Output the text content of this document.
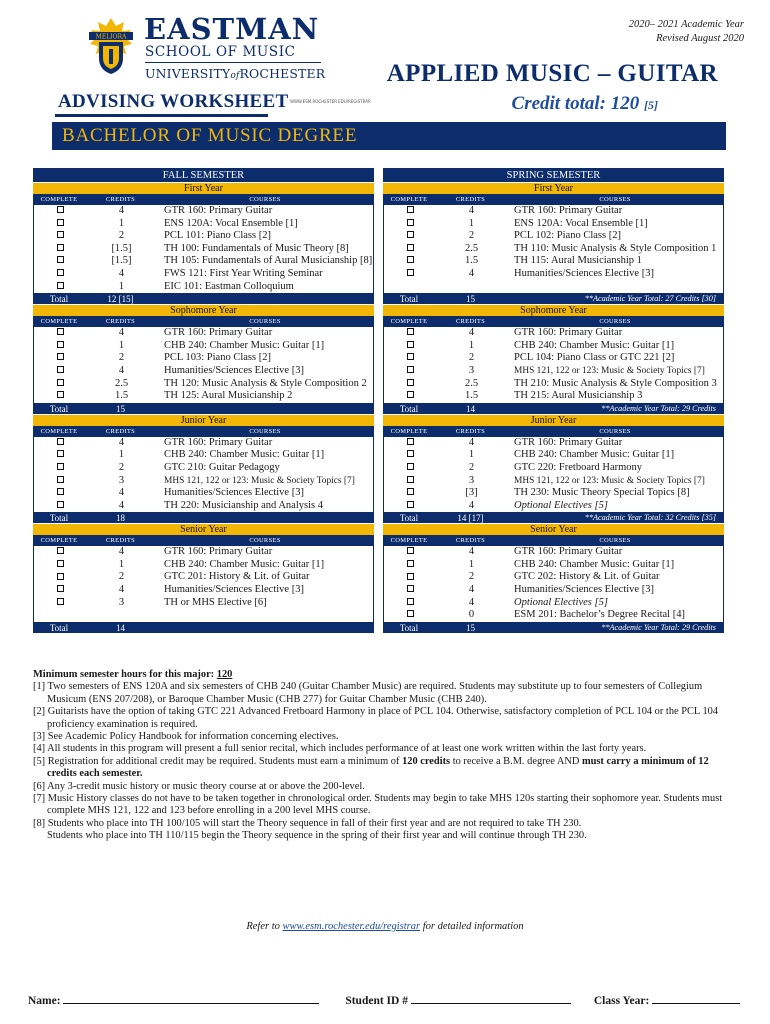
MELIORA EASTMAN
SCHOOL OF MUSIC
UNIVERSITYofROCHESTER
2020– 2021 Academic Year
Revised August 2020
APPLIED MUSIC – GUITAR
Credit total: 120 [5]
ADVISING WORKSHEET WWW.ESM.ROCHESTER.EDU/REGISTRAR
BACHELOR OF MUSIC DEGREE
FALL SEMESTER
First Year
COMPLETE	CREDITS	COURSES
4	GTR 160: Primary Guitar
1	ENS 120A: Vocal Ensemble [1]
2	PCL 101: Piano Class [2]
[1.5]	TH 100: Fundamentals of Music Theory [8]
[1.5]	TH 105: Fundamentals of Aural Musicianship [8]
4	FWS 121: First Year Writing Seminar
1	EIC 101: Eastman Colloquium
Total	12 [15]
Sophomore Year
COMPLETE	CREDITS	COURSES
4	GTR 160: Primary Guitar
1	CHB 240: Chamber Music: Guitar [1]
2	PCL 103: Piano Class [2]
4	Humanities/Sciences Elective [3]
2.5	TH 120: Music Analysis & Style Composition 2
1.5	TH 125: Aural Musicianship 2
Total	15
Junior Year
COMPLETE	CREDITS	COURSES
4	GTR 160: Primary Guitar
1	CHB 240: Chamber Music: Guitar [1]
2	GTC 210: Guitar Pedagogy
3	MHS 121, 122 or 123: Music & Society Topics [7]
4	Humanities/Sciences Elective [3]
4	TH 220: Musicianship and Analysis 4
Total	18
Senior Year
COMPLETE	CREDITS	COURSES
4	GTR 160: Primary Guitar
1	CHB 240: Chamber Music: Guitar [1]
2	GTC 201: History & Lit. of Guitar
4	Humanities/Sciences Elective [3]
3	TH or MHS Elective [6]
Total	14
SPRING SEMESTER
First Year
COMPLETE	CREDITS	COURSES
4	GTR 160: Primary Guitar
1	ENS 120A: Vocal Ensemble [1]
2	PCL 102: Piano Class [2]
2.5	TH 110: Music Analysis & Style Composition 1
1.5	TH 115: Aural Musicianship 1
4	Humanities/Sciences Elective [3]
Total	15	**Academic Year Total: 27 Credits [30]
Sophomore Year
COMPLETE	CREDITS	COURSES
4	GTR 160: Primary Guitar
1	CHB 240: Chamber Music: Guitar [1]
2	PCL 104: Piano Class or GTC 221 [2]
3	MHS 121, 122 or 123: Music & Society Topics [7]
2.5	TH 210: Music Analysis & Style Composition 3
1.5	TH 215: Aural Musicianship 3
Total	14	**Academic Year Total: 29 Credits
Junior Year
COMPLETE	CREDITS	COURSES
4	GTR 160: Primary Guitar
1	CHB 240: Chamber Music: Guitar [1]
2	GTC 220: Fretboard Harmony
3	MHS 121, 122 or 123: Music & Society Topics [7]
[3]	TH 230: Music Theory Special Topics [8]
4	Optional Electives [5]
Total	14 [17]	**Academic Year Total: 32 Credits [35]
Senior Year
COMPLETE	CREDITS	COURSES
4	GTR 160: Primary Guitar
1	CHB 240: Chamber Music: Guitar [1]
2	GTC 202: History & Lit. of Guitar
4	Humanities/Sciences Elective [3]
4	Optional Electives [5]
0	ESM 201: Bachelor’s Degree Recital [4]
Total	15	**Academic Year Total: 29 Credits
Minimum semester hours for this major: 120
[1] Two semesters of ENS 120A and six semesters of CHB 240 (Guitar Chamber Music) are required. Students may substitute up to four semesters of Collegium Musicum (ENS 207/208), or Baroque Chamber Music (CHB 277) for Guitar Chamber Music (CHB 240).
[2] Guitarists have the option of taking GTC 221 Advanced Fretboard Harmony in place of PCL 104. Otherwise, satisfactory completion of PCL 104 or the PCL 104 proficiency examination is required.
[3] See Academic Policy Handbook for information concerning electives.
[4] All students in this program will present a full senior recital, which includes performance of at least one work written within the last forty years.
[5] Registration for additional credit may be required. Students must earn a minimum of 120 credits to receive a B.M. degree AND must carry a minimum of 12 credits each semester.
[6] Any 3-credit music history or music theory course at or above the 200-level.
[7] Music History classes do not have to be taken together in chronological order. Students may begin to take MHS 120s starting their sophomore year. Students must complete MHS 121, 122 and 123 before enrolling in a 200 level MHS course.
[8] Students who place into TH 100/105 will start the Theory sequence in fall of their first year and are not required to take TH 230.
Students who place into TH 110/115 begin the Theory sequence in the spring of their first year and will continue through TH 230.
Refer to www.esm.rochester.edu/registrar for detailed information
Name:	Student ID #	Class Year:
